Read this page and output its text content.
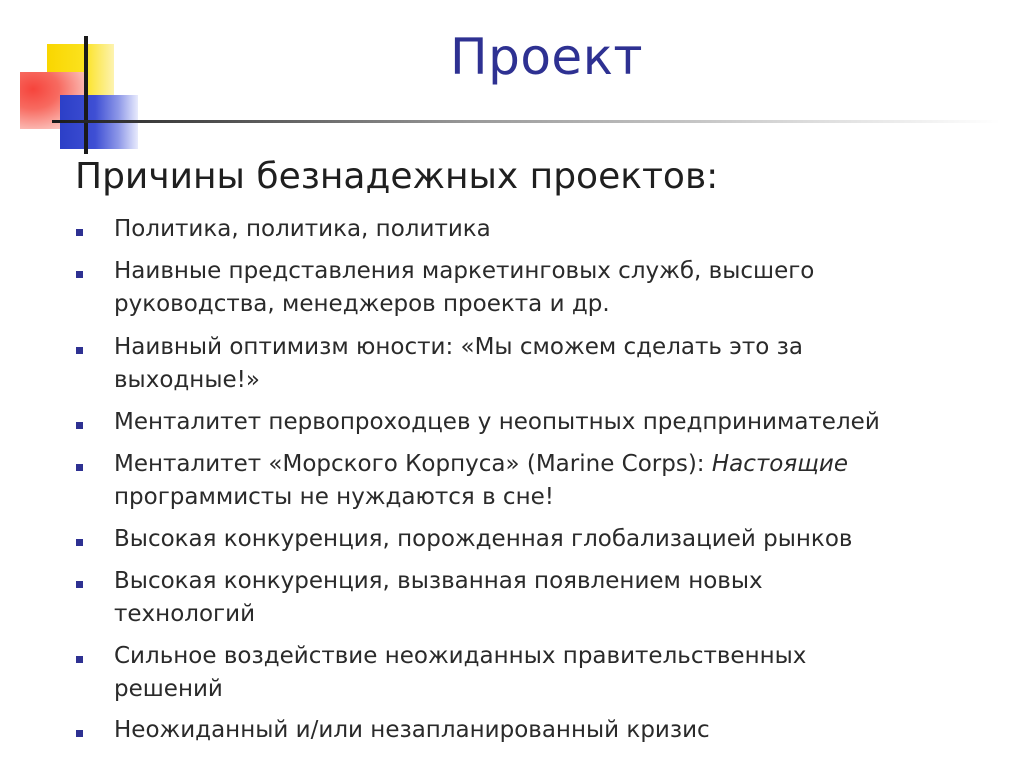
Проект
Причины безнадежных проектов:
Политика, политика, политика
Наивные представления маркетинговых служб, высшего
руководства, менеджеров проекта и др.
Наивный оптимизм юности: «Мы сможем сделать это за
выходные!»
Менталитет первопроходцев у неопытных предпринимателей
Менталитет «Морского Корпуса» (Marine Corps): Настоящие
программисты не нуждаются в сне!
Высокая конкуренция, порожденная глобализацией рынков
Высокая конкуренция, вызванная появлением новых
технологий
Сильное воздействие неожиданных правительственных
решений
Неожиданный и/или незапланированный кризис
